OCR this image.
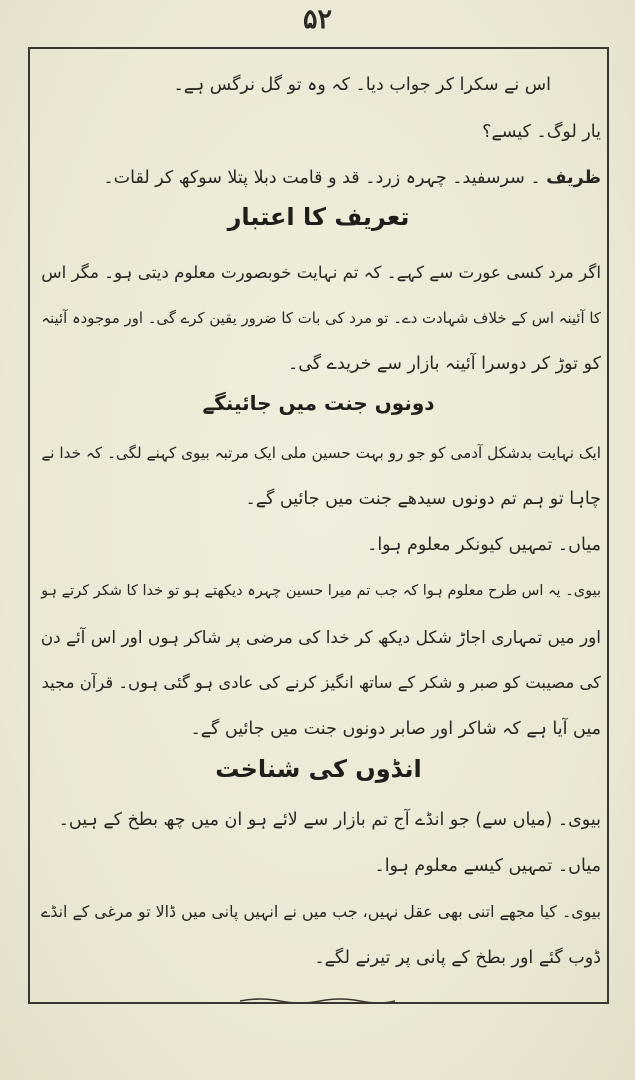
۵۲
اس نے سکرا کر جواب دیا۔ کہ وہ تو گل نرگس ہے۔
یار لوگ۔ کیسے؟
ظریف ۔ سرسفید۔ چہرہ زرد۔ قد و قامت دبلا پتلا سوکھ کر لقات۔
تعریف کا اعتبار
اگر مرد کسی عورت سے کہے۔ کہ تم نہایت خوبصورت معلوم دیتی ہو۔ مگر اس
کا آئینہ اس کے خلاف شہادت دے۔ تو مرد کی بات کا ضرور یقین کرے گی۔ اور موجودہ آئینہ
کو توڑ کر دوسرا آئینہ بازار سے خریدے گی۔
دونوں جنت میں جائینگے
ایک نہایت بدشکل آدمی کو جو رو بہت حسین ملی ایک مرتبہ بیوی کہنے لگی۔ کہ خدا نے
چاہا تو ہم تم دونوں سیدھے جنت میں جائیں گے۔
میاں۔ تمہیں کیونکر معلوم ہوا۔
بیوی۔ یہ اس طرح معلوم ہوا کہ جب تم میرا حسین چہرہ دیکھتے ہو تو خدا کا شکر کرتے ہو
اور میں تمہاری اجاڑ شکل دیکھ کر خدا کی مرضی پر شاکر ہوں اور اس آئے دن
کی مصیبت کو صبر و شکر کے ساتھ انگیز کرنے کی عادی ہو گئی ہوں۔ قرآن مجید
میں آیا ہے کہ شاکر اور صابر دونوں جنت میں جائیں گے۔
انڈوں کی شناخت
بیوی۔ (میاں سے) جو انڈے آج تم بازار سے لائے ہو ان میں چھ بطخ کے ہیں۔
میاں۔ تمہیں کیسے معلوم ہوا۔
بیوی۔ کیا مجھے اتنی بھی عقل نہیں، جب میں نے انہیں پانی میں ڈالا تو مرغی کے انڈے
ڈوب گئے اور بطخ کے پانی پر تیرنے لگے۔
